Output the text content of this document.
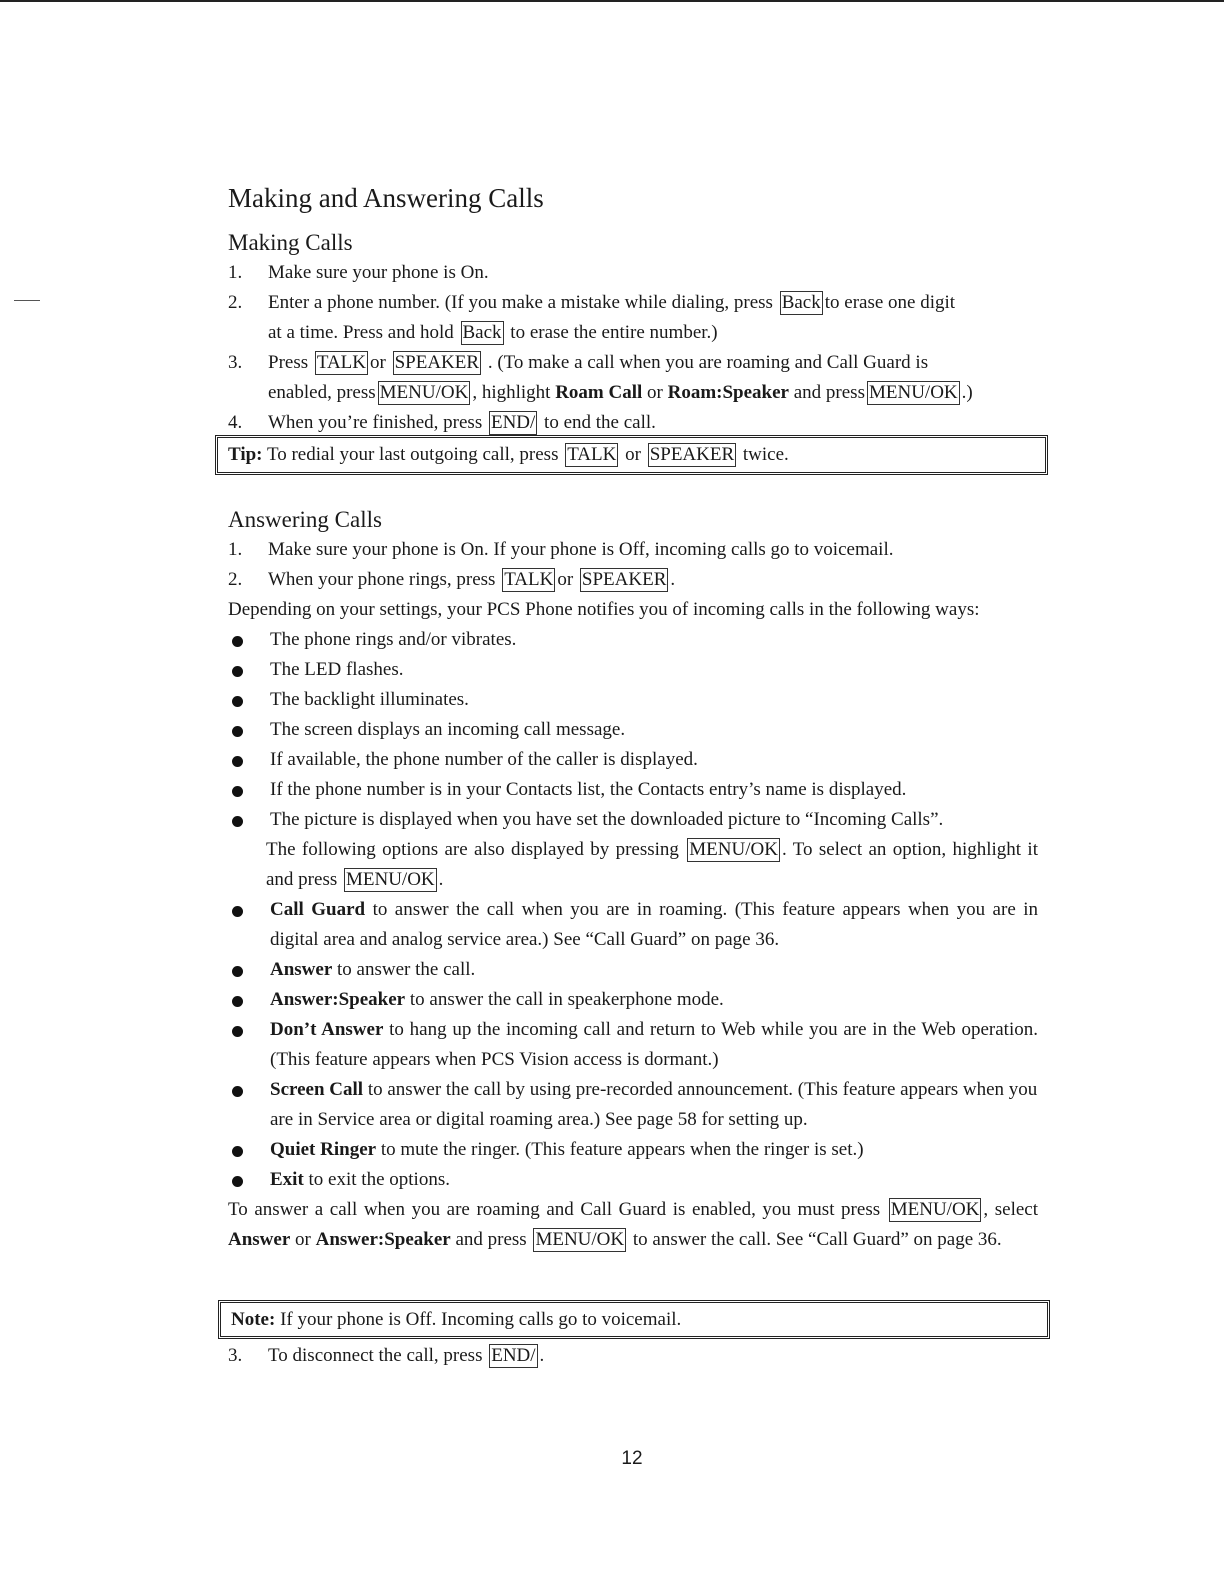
Making and Answering Calls
Making Calls
1. Make sure your phone is On.
2. Enter a phone number. (If you make a mistake while dialing, press Back to erase one digit
at a time. Press and hold Back to erase the entire number.)
3. Press TALK or SPEAKER . (To make a call when you are roaming and Call Guard is
enabled, press MENU/OK , highlight Roam Call or Roam:Speaker and press MENU/OK .)
4. When you’re finished, press END/ to end the call.
Tip: To redial your last outgoing call, press TALK or SPEAKER twice.
Answering Calls
1. Make sure your phone is On. If your phone is Off, incoming calls go to voicemail.
2. When your phone rings, press TALK or SPEAKER .
Depending on your settings, your PCS Phone notifies you of incoming calls in the following ways:
The phone rings and/or vibrates.
The LED flashes.
The backlight illuminates.
The screen displays an incoming call message.
If available, the phone number of the caller is displayed.
If the phone number is in your Contacts list, the Contacts entry’s name is displayed.
The picture is displayed when you have set the downloaded picture to “Incoming Calls”.
The following options are also displayed by pressing MENU/OK . To select an option, highlight it and press MENU/OK .
Call Guard to answer the call when you are in roaming. (This feature appears when you are in digital area and analog service area.) See “Call Guard” on page 36.
Answer to answer the call.
Answer:Speaker to answer the call in speakerphone mode.
Don’t Answer to hang up the incoming call and return to Web while you are in the Web operation. (This feature appears when PCS Vision access is dormant.)
Screen Call to answer the call by using pre-recorded announcement. (This feature appears when you are in Service area or digital roaming area.) See page 58 for setting up.
Quiet Ringer to mute the ringer. (This feature appears when the ringer is set.)
Exit to exit the options.
To answer a call when you are roaming and Call Guard is enabled, you must press MENU/OK , select Answer or Answer:Speaker and press MENU/OK to answer the call. See “Call Guard” on page 36.
Note: If your phone is Off. Incoming calls go to voicemail.
3. To disconnect the call, press END/ .
12
